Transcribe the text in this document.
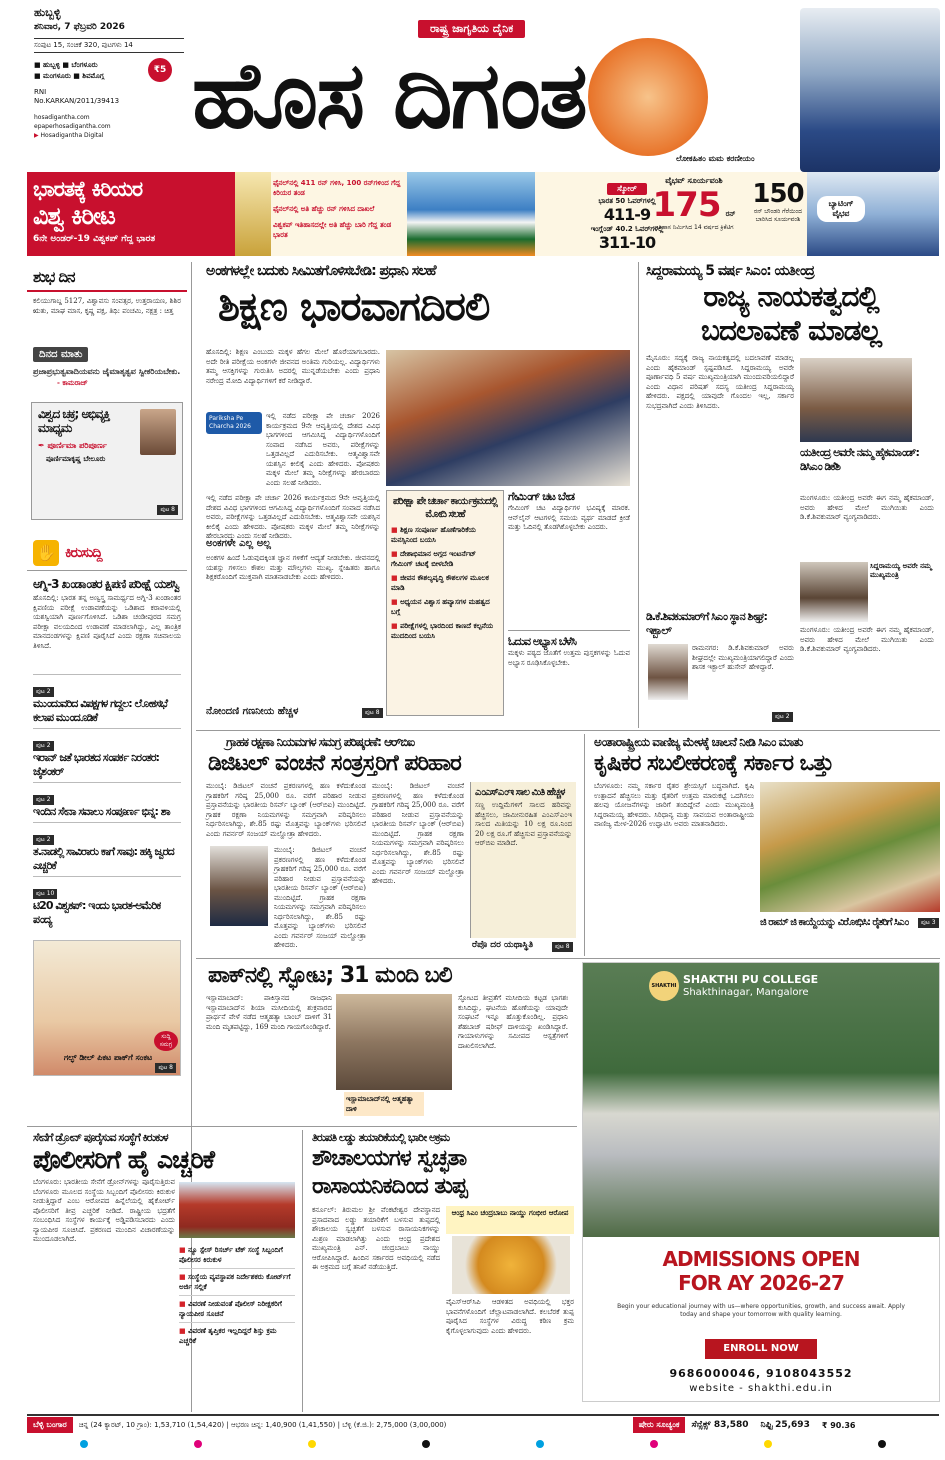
ಹುಬ್ಬಳ್ಳಿ
ಶನಿವಾರ, 7 ಫೆಬ್ರವರಿ 2026
ಸಂಪುಟ 15, ಸಂಚಿಕೆ 320, ಪುಟಗಳು 14
■ ಹುಬ್ಬಳ್ಳಿ ■ ಬೆಂಗಳೂರು
■ ಮಂಗಳೂರು ■ ಶಿವಮೊಗ್ಗ
₹5
RNI No.KARKAN/2011/39413
hosadigantha.com
epaperhosadigantha.com
▶ Hosadigantha Digital
ರಾಷ್ಟ್ರ ಜಾಗೃತಿಯ ದೈನಿಕ
ಹೊಸ ದಿಗಂತ
ಲೋಕಹಿತಂ ಮಮ ಕರಣೀಯಂ
ಭಾರತಕ್ಕೆ ಕಿರಿಯರ
ವಿಶ್ವ ಕಿರೀಟ
6ನೇ ಅಂಡರ್-19 ವಿಶ್ವಕಪ್ ಗೆದ್ದ ಭಾರತ
ಫೈನಲ್‌ನಲ್ಲಿ 411 ರನ್ ಗಳಿಸಿ, 100 ರನ್‌ಗಳಿಂದ ಗೆದ್ದ ಕಿರಿಯರ ತಂಡ
ಫೈನಲ್‌ನಲ್ಲಿ ಅತಿ ಹೆಚ್ಚು ರನ್ ಗಳಿಸಿದ ದಾಖಲೆ
ವಿಶ್ವಕಪ್ ಇತಿಹಾಸದಲ್ಲೇ ಅತಿ ಹೆಚ್ಚು ಬಾರಿ ಗೆದ್ದ ತಂಡ ಭಾರತ
ಸ್ಕೋರ್
ಭಾರತ 50 ಓವರ್‌ಗಳಲ್ಲಿ
411-9
ಇಂಗ್ಲೆಂಡ್ 40.2 ಓವರ್‌ಗಳಲ್ಲಿ
311-10
ವೈಭವ್ ಸೂರ್ಯವಂಶಿ
175 ರನ್
ಇತಿಹಾಸ ನಿರ್ಮಿಸಿದ 14 ವರ್ಷದ ಕ್ರಿಕೆಟಿಗ
150
ರನ್ ಬೌಂಡರಿ ಗೆರೆಯಿಂದ ಬಾರಿಸಿದ ಸೂರ್ಯವಂಶಿ
ಬ್ಯಾಟಿಂಗ್ ವೈಭವ
ಶುಭ ದಿನ
ಕಲಿಯುಗಾಬ್ದ 5127, ವಿಶ್ವಾವಸು ಸಂವತ್ಸರ, ಉತ್ತರಾಯಣ, ಶಿಶಿರ ಋತು, ಮಾಘ ಮಾಸ, ಕೃಷ್ಣ ಪಕ್ಷ, ತಿಥಿ: ಪಂಚಮಿ, ನಕ್ಷತ್ರ : ಚಿತ್ತ
ದಿನದ ಮಾತು
ಪ್ರಜಾಪ್ರಭುತ್ವವಾದಿಯವನು ಜೈಮಾತೃತ್ವವ ಸ್ವೀಕರಿಯಬೇಕು.
- ಕಾಮರಾಜ್
ವಿಶ್ವದ ಚಕ್ರ; ಅಭಿವ್ಯಕ್ತಿ ಮಾಧ್ಯಮ
✒ ಪೂರ್ಣಿಮಾ ಪರಿಪೂರ್ಣ
ಪೂರ್ಣಿಮಾಕೃಷ್ಣ ಬೇಲೂರು
ಪುಟ 8
✋ ಕಿರುಸುದ್ದಿ
ಅಗ್ನಿ-3 ಖಂಡಾಂತರ ಕ್ಷಿಪಣಿ ಪರೀಕ್ಷೆ ಯಶಸ್ವಿ
ಹೊಸದಿಲ್ಲಿ: ಭಾರತ ತನ್ನ ಅಣ್ವಸ್ತ್ರ ಸಾಮರ್ಥ್ಯದ ಅಗ್ನಿ-3 ಖಂಡಾಂತರ ಕ್ಷಿಪಣಿಯ ಪರೀಕ್ಷೆ ಉಡಾವಣೆಯನ್ನು ಒಡಿಶಾದ ಕರಾವಳಿಯಲ್ಲಿ ಯಶಸ್ವಿಯಾಗಿ ಪೂರ್ಣಗೊಳಿಸಿದೆ. ಒಡಿಶಾ ಚಂಡೀಪುರದ ಸಮಗ್ರ ಪರೀಕ್ಷಾ ವಲಯದಿಂದ ಉಡಾವಣೆ ಮಾಡಲಾಗಿದ್ದು, ಎಲ್ಲ ತಾಂತ್ರಿಕ ಮಾನದಂಡಗಳನ್ನು ಕ್ಷಿಪಣಿ ಪೂರೈಸಿದೆ ಎಂದು ರಕ್ಷಣಾ ಸಚಿವಾಲಯ ತಿಳಿಸಿದೆ.
ಪುಟ 2
ಮುಂದುವರಿದ ವಿಪಕ್ಷಗಳ ಗದ್ದಲ: ಲೋಕಸಭೆ ಕಲಾಪ ಮುಂದೂಡಿಕೆ
ಪುಟ 2
ಇರಾನ್ ಜತೆ ಭಾರತದ ಸಂಪರ್ಕ ನಿರಂತರ: ಜೈಶಂಕರ್
ಪುಟ 2
ಇಂದಿನ ಸೇನಾ ಸವಾಲು ಸಂಪೂರ್ಣ ಭಿನ್ನ: ಶಾ
ಪುಟ 2
ತ.ನಾಡಲ್ಲಿ ಸಾವಿರಾರು ಕಾಗೆ ಸಾವು: ಹಕ್ಕಿ ಜ್ವರದ ಎಚ್ಚರಿಕೆ
ಪುಟ 10
ಟಿ20 ವಿಶ್ವಕಪ್: ಇಂದು ಭಾರತ-ಅಮೆರಿಕ ಪಂದ್ಯ
ಗಲ್ಫ್ ಡೀಲ್ ಪಿಕಟ ಪಾಕ್‌ಗೆ ಸಂಕಟ
ಸುದ್ದಿ ಸಮಗ್ರ
ಪುಟ 8
ಅಂಕಗಳಲ್ಲೇ ಬದುಕು ಸೀಮಿತಗೊಳಿಸಬೇಡಿ: ಪ್ರಧಾನಿ ಸಲಹೆ
ಶಿಕ್ಷಣ ಭಾರವಾಗದಿರಲಿ
ಹೊಸದಿಲ್ಲಿ: ಶಿಕ್ಷಣ ಎಂಬುದು ಮಕ್ಕಳ ಹೆಗಲ ಮೇಲೆ ಹೊರೆಯಾಗಬಾರದು. ಅದೇ ರೀತಿ ಪರೀಕ್ಷೆಯ ಅಂಕಗಳೇ ಜೀವನದ ಅಂತಿಮ ಗುರಿಯಲ್ಲ. ವಿದ್ಯಾರ್ಥಿಗಳು ತಮ್ಮ ಆಸಕ್ತಿಗಳನ್ನು ಗುರುತಿಸಿ ಅದರಲ್ಲಿ ಮುನ್ನಡೆಯಬೇಕು ಎಂದು ಪ್ರಧಾನಿ ನರೇಂದ್ರ ಮೋದಿ ವಿದ್ಯಾರ್ಥಿಗಳಿಗೆ ಕರೆ ನೀಡಿದ್ದಾರೆ.
Pariksha Pe Charcha 2026
ಇಲ್ಲಿ ನಡೆದ ಪರೀಕ್ಷಾ ಪೇ ಚರ್ಚಾ 2026 ಕಾರ್ಯಕ್ರಮದ 9ನೇ ಆವೃತ್ತಿಯಲ್ಲಿ ದೇಶದ ವಿವಿಧ ಭಾಗಗಳಿಂದ ಆಗಮಿಸಿದ್ದ ವಿದ್ಯಾರ್ಥಿಗಳೊಂದಿಗೆ ಸಂವಾದ ನಡೆಸಿದ ಅವರು, ಪರೀಕ್ಷೆಗಳನ್ನು ಒತ್ತಡವಿಲ್ಲದೆ ಎದುರಿಸಬೇಕು. ಆತ್ಮವಿಶ್ವಾಸವೇ ಯಶಸ್ಸಿನ ಕೀಲಿಕೈ ಎಂದು ಹೇಳಿದರು. ಪೋಷಕರು ಮಕ್ಕಳ ಮೇಲೆ ತಮ್ಮ ನಿರೀಕ್ಷೆಗಳನ್ನು ಹೇರಬಾರದು ಎಂದು ಸಲಹೆ ನೀಡಿದರು.
ಇಲ್ಲಿ ನಡೆದ ಪರೀಕ್ಷಾ ಪೇ ಚರ್ಚಾ 2026 ಕಾರ್ಯಕ್ರಮದ 9ನೇ ಆವೃತ್ತಿಯಲ್ಲಿ ದೇಶದ ವಿವಿಧ ಭಾಗಗಳಿಂದ ಆಗಮಿಸಿದ್ದ ವಿದ್ಯಾರ್ಥಿಗಳೊಂದಿಗೆ ಸಂವಾದ ನಡೆಸಿದ ಅವರು, ಪರೀಕ್ಷೆಗಳನ್ನು ಒತ್ತಡವಿಲ್ಲದೆ ಎದುರಿಸಬೇಕು. ಆತ್ಮವಿಶ್ವಾಸವೇ ಯಶಸ್ಸಿನ ಕೀಲಿಕೈ ಎಂದು ಹೇಳಿದರು. ಪೋಷಕರು ಮಕ್ಕಳ ಮೇಲೆ ತಮ್ಮ ನಿರೀಕ್ಷೆಗಳನ್ನು ಹೇರಬಾರದು ಎಂದು ಸಲಹೆ ನೀಡಿದರು.
ಅಂಕಗಳೇ ಎಲ್ಲ ಅಲ್ಲ
ಅಂಕಗಳ ಹಿಂದೆ ಓಡುವುದಕ್ಕಿಂತ ಜ್ಞಾನ ಗಳಿಕೆಗೆ ಆದ್ಯತೆ ನೀಡಬೇಕು. ಜೀವನದಲ್ಲಿ ಯಶಸ್ಸು ಗಳಿಸಲು ಕೌಶಲ ಮತ್ತು ಮೌಲ್ಯಗಳು ಮುಖ್ಯ. ಸ್ನೇಹಿತರು ಹಾಗೂ ಶಿಕ್ಷಕರೊಂದಿಗೆ ಮುಕ್ತವಾಗಿ ಮಾತನಾಡಬೇಕು ಎಂದು ಹೇಳಿದರು.
ಪರೀಕ್ಷಾ ಪೇ ಚರ್ಚಾ ಕಾರ್ಯಕ್ರಮದಲ್ಲಿ ಮೋದಿ ಸಲಹೆ
■ ಶಿಕ್ಷಣ ಸಂಪೂರ್ಣ ಹೊಣೆಗಾರಿಕೆಯ ಮನಸ್ಸಿನಿಂದ ಬಯಸಿ
■ ದೇಶಾಭಿಮಾನ ಅಗ್ಗದ ಇಂಟರ್ನೆಟ್ ಗೇಮಿಂಗ್ ಚಟಕ್ಕೆ ಬೀಳಬೇಡಿ
■ ಜೀವನ ಕೌಶಲ್ಯವೃದ್ಧಿ ಕೌಶಲಗಳ ಮೂಲಕ ಮಾಡಿ
■ ಅಧ್ಯಯನ ವಿಶ್ವಾಸ ಹವ್ಯಾಸಗಳ ಮಹತ್ವದ ಬಗ್ಗೆ
■ ಪರೀಕ್ಷೆಗಳಲ್ಲಿ ಭಾರದಿಂದ ಕಾಣದೆ ಕಲ್ಪನೆಯ ಮುದದಿಂದ ಬಯಸಿ
ಗೇಮಿಂಗ್ ಚಟ ಬೇಡ
ಗೇಮಿಂಗ್ ಚಟ ವಿದ್ಯಾರ್ಥಿಗಳ ಭವಿಷ್ಯಕ್ಕೆ ಮಾರಕ. ಆನ್‌ಲೈನ್ ಆಟಗಳಲ್ಲಿ ಸಮಯ ವ್ಯರ್ಥ ಮಾಡದೆ ಕ್ರೀಡೆ ಮತ್ತು ಓದಿನಲ್ಲಿ ತೊಡಗಿಕೊಳ್ಳಬೇಕು ಎಂದರು.
ಓದುವ ಅಭ್ಯಾಸ ಬೆಳೆಸಿ
ಮಕ್ಕಳು ಪಠ್ಯದ ಜೊತೆಗೆ ಉತ್ತಮ ಪುಸ್ತಕಗಳನ್ನು ಓದುವ ಅಭ್ಯಾಸ ರೂಢಿಸಿಕೊಳ್ಳಬೇಕು.
ನೋಂದಣಿ ಗಣನೀಯ ಹೆಚ್ಚಳ	ಪುಟ 8
ಸಿದ್ದರಾಮಯ್ಯ 5 ವರ್ಷ ಸಿಎಂ: ಯತೀಂದ್ರ
ರಾಜ್ಯ ನಾಯಕತ್ವದಲ್ಲಿ
ಬದಲಾವಣೆ ಮಾಡಲ್ಲ
ಮೈಸೂರು: ಸದ್ಯಕ್ಕೆ ರಾಜ್ಯ ನಾಯಕತ್ವದಲ್ಲಿ ಬದಲಾವಣೆ ಮಾಡಲ್ಲ ಎಂದು ಹೈಕಮಾಂಡ್ ಸ್ಪಷ್ಟಪಡಿಸಿದೆ. ಸಿದ್ದರಾಮಯ್ಯ ಅವರೇ ಪೂರ್ಣಾವಧಿ 5 ವರ್ಷ ಮುಖ್ಯಮಂತ್ರಿಯಾಗಿ ಮುಂದುವರಿಯಲಿದ್ದಾರೆ ಎಂದು ವಿಧಾನ ಪರಿಷತ್ ಸದಸ್ಯ ಯತೀಂದ್ರ ಸಿದ್ದರಾಮಯ್ಯ ಹೇಳಿದರು. ಪಕ್ಷದಲ್ಲಿ ಯಾವುದೇ ಗೊಂದಲ ಇಲ್ಲ, ಸರ್ಕಾರ ಸುಭದ್ರವಾಗಿದೆ ಎಂದು ತಿಳಿಸಿದರು.
ಯತೀಂದ್ರ ಅವರೇ ನಮ್ಮ ಹೈಕಮಾಂಡ್: ಡಿಸಿಎಂ ಡಿಕೆಶಿ
ಮಂಗಳೂರು: ಯತೀಂದ್ರ ಅವರೇ ಈಗ ನಮ್ಮ ಹೈಕಮಾಂಡ್, ಅವರು ಹೇಳಿದ ಮೇಲೆ ಮುಗಿಯಿತು ಎಂದು ಡಿ.ಕೆ.ಶಿವಕುಮಾರ್ ವ್ಯಂಗ್ಯವಾಡಿದರು.
ಸಿದ್ದರಾಮಯ್ಯ ಅವರೇ ನಮ್ಮ ಮುಖ್ಯಮಂತ್ರಿ
ಡಿ.ಕೆ.ಶಿವಕುಮಾರ್‌ಗೆ ಸಿಎಂ ಸ್ಥಾನ ಶೀಘ್ರ: ಇಕ್ಬಾಲ್
ರಾಮನಗರ: ಡಿ.ಕೆ.ಶಿವಕುಮಾರ್ ಅವರು ಶೀಘ್ರದಲ್ಲೇ ಮುಖ್ಯಮಂತ್ರಿಯಾಗಲಿದ್ದಾರೆ ಎಂದು ಶಾಸಕ ಇಕ್ಬಾಲ್ ಹುಸೇನ್ ಹೇಳಿದ್ದಾರೆ.
ಮಂಗಳೂರು: ಯತೀಂದ್ರ ಅವರೇ ಈಗ ನಮ್ಮ ಹೈಕಮಾಂಡ್, ಅವರು ಹೇಳಿದ ಮೇಲೆ ಮುಗಿಯಿತು ಎಂದು ಡಿ.ಕೆ.ಶಿವಕುಮಾರ್ ವ್ಯಂಗ್ಯವಾಡಿದರು.
ಪುಟ 2
ಗ್ರಾಹಕ ರಕ್ಷಣಾ ನಿಯಮಗಳ ಸಮಗ್ರ ಪರಿಷ್ಕರಣೆ: ಆರ್‌ಬಿಐ
ಡಿಜಿಟಲ್ ವಂಚನೆ ಸಂತ್ರಸ್ತರಿಗೆ ಪರಿಹಾರ
ಮುಂಬೈ: ಡಿಜಿಟಲ್ ವಂಚನೆ ಪ್ರಕರಣಗಳಲ್ಲಿ ಹಣ ಕಳೆದುಕೊಂಡ ಗ್ರಾಹಕರಿಗೆ ಗರಿಷ್ಠ 25,000 ರೂ. ವರೆಗೆ ಪರಿಹಾರ ನೀಡುವ ಪ್ರಸ್ತಾವನೆಯನ್ನು ಭಾರತೀಯ ರಿಸರ್ವ್ ಬ್ಯಾಂಕ್ (ಆರ್‌ಬಿಐ) ಮುಂದಿಟ್ಟಿದೆ. ಗ್ರಾಹಕ ರಕ್ಷಣಾ ನಿಯಮಗಳನ್ನು ಸಮಗ್ರವಾಗಿ ಪರಿಷ್ಕರಿಸಲು ನಿರ್ಧರಿಸಲಾಗಿದ್ದು, ಶೇ.85 ರಷ್ಟು ಮೊತ್ತವನ್ನು ಬ್ಯಾಂಕ್‌ಗಳು ಭರಿಸಲಿವೆ ಎಂದು ಗವರ್ನರ್ ಸಂಜಯ್ ಮಲ್ಹೋತ್ರಾ ಹೇಳಿದರು.
ಮುಂಬೈ: ಡಿಜಿಟಲ್ ವಂಚನೆ ಪ್ರಕರಣಗಳಲ್ಲಿ ಹಣ ಕಳೆದುಕೊಂಡ ಗ್ರಾಹಕರಿಗೆ ಗರಿಷ್ಠ 25,000 ರೂ. ವರೆಗೆ ಪರಿಹಾರ ನೀಡುವ ಪ್ರಸ್ತಾವನೆಯನ್ನು ಭಾರತೀಯ ರಿಸರ್ವ್ ಬ್ಯಾಂಕ್ (ಆರ್‌ಬಿಐ) ಮುಂದಿಟ್ಟಿದೆ. ಗ್ರಾಹಕ ರಕ್ಷಣಾ ನಿಯಮಗಳನ್ನು ಸಮಗ್ರವಾಗಿ ಪರಿಷ್ಕರಿಸಲು ನಿರ್ಧರಿಸಲಾಗಿದ್ದು, ಶೇ.85 ರಷ್ಟು ಮೊತ್ತವನ್ನು ಬ್ಯಾಂಕ್‌ಗಳು ಭರಿಸಲಿವೆ ಎಂದು ಗವರ್ನರ್ ಸಂಜಯ್ ಮಲ್ಹೋತ್ರಾ ಹೇಳಿದರು.
ಮುಂಬೈ: ಡಿಜಿಟಲ್ ವಂಚನೆ ಪ್ರಕರಣಗಳಲ್ಲಿ ಹಣ ಕಳೆದುಕೊಂಡ ಗ್ರಾಹಕರಿಗೆ ಗರಿಷ್ಠ 25,000 ರೂ. ವರೆಗೆ ಪರಿಹಾರ ನೀಡುವ ಪ್ರಸ್ತಾವನೆಯನ್ನು ಭಾರತೀಯ ರಿಸರ್ವ್ ಬ್ಯಾಂಕ್ (ಆರ್‌ಬಿಐ) ಮುಂದಿಟ್ಟಿದೆ. ಗ್ರಾಹಕ ರಕ್ಷಣಾ ನಿಯಮಗಳನ್ನು ಸಮಗ್ರವಾಗಿ ಪರಿಷ್ಕರಿಸಲು ನಿರ್ಧರಿಸಲಾಗಿದ್ದು, ಶೇ.85 ರಷ್ಟು ಮೊತ್ತವನ್ನು ಬ್ಯಾಂಕ್‌ಗಳು ಭರಿಸಲಿವೆ ಎಂದು ಗವರ್ನರ್ ಸಂಜಯ್ ಮಲ್ಹೋತ್ರಾ ಹೇಳಿದರು.
ಎಂಎಸ್‌ಎಂಇ ಸಾಲ ಮಿತಿ ಹೆಚ್ಚಳ
ಸಣ್ಣ ಉದ್ದಿಮೆಗಳಿಗೆ ಸಾಲದ ಹರಿವನ್ನು ಹೆಚ್ಚಿಸಲು, ಜಾಮೀನುರಹಿತ ಎಂಎಸ್‌ಎಂಇ ಸಾಲದ ಮಿತಿಯನ್ನು 10 ಲಕ್ಷ ರೂ.ನಿಂದ 20 ಲಕ್ಷ ರೂ.ಗೆ ಹೆಚ್ಚಿಸುವ ಪ್ರಸ್ತಾವನೆಯನ್ನು ಆರ್‌ಬಿಐ ಮಾಡಿದೆ.
ರೆಪೊ ದರ ಯಥಾಸ್ಥಿತಿ	ಪುಟ 8
ಅಂತಾರಾಷ್ಟ್ರೀಯ ವಾಣಿಜ್ಯ ಮೇಳಕ್ಕೆ ಚಾಲನೆ ನೀಡಿ ಸಿಎಂ ಮಾತು
ಕೃಷಿಕರ ಸಬಲೀಕರಣಕ್ಕೆ ಸರ್ಕಾರ ಒತ್ತು
ಬೆಂಗಳೂರು: ನಮ್ಮ ಸರ್ಕಾರ ರೈತರ ಶ್ರೇಯಸ್ಸಿಗೆ ಬದ್ಧವಾಗಿದೆ. ಕೃಷಿ ಉತ್ಪಾದನೆ ಹೆಚ್ಚಿಸಲು ಮತ್ತು ರೈತರಿಗೆ ಉತ್ತಮ ಮಾರುಕಟ್ಟೆ ಒದಗಿಸಲು ಹಲವು ಯೋಜನೆಗಳನ್ನು ಜಾರಿಗೆ ತಂದಿದ್ದೇವೆ ಎಂದು ಮುಖ್ಯಮಂತ್ರಿ ಸಿದ್ದರಾಮಯ್ಯ ಹೇಳಿದರು. ಸಿರಿಧಾನ್ಯ ಮತ್ತು ಸಾವಯವ ಅಂತಾರಾಷ್ಟ್ರೀಯ ವಾಣಿಜ್ಯ ಮೇಳ-2026 ಉದ್ಘಾಟಿಸಿ ಅವರು ಮಾತನಾಡಿದರು.
ಜಿ ರಾಮ್ ಜಿ ಕಾಯ್ದೆಯನ್ನು ವಿರೋಧಿಸಿ: ರೈತರಿಗೆ ಸಿಎಂ	ಪುಟ 3
ಪಾಕ್‌ನಲ್ಲಿ ಸ್ಫೋಟ; 31 ಮಂದಿ ಬಲಿ
ಇಸ್ಲಾಮಾಬಾದ್: ಪಾಕಿಸ್ತಾನದ ರಾಜಧಾನಿ ಇಸ್ಲಾಮಾಬಾದ್‌ನ ಶಿಯಾ ಮಸೀದಿಯಲ್ಲಿ ಶುಕ್ರವಾರದ ಪ್ರಾರ್ಥನೆ ವೇಳೆ ನಡೆದ ಆತ್ಮಹತ್ಯಾ ಬಾಂಬ್ ದಾಳಿಗೆ 31 ಮಂದಿ ಮೃತಪಟ್ಟಿದ್ದು, 169 ಮಂದಿ ಗಾಯಗೊಂಡಿದ್ದಾರೆ.
ಇಸ್ಲಾಮಾಬಾದ್‌ನಲ್ಲಿ ಆತ್ಮಹತ್ಯಾ ದಾಳಿ
ಸ್ಫೋಟದ ತೀವ್ರತೆಗೆ ಮಸೀದಿಯ ಕಟ್ಟಡ ಭಾಗಶಃ ಕುಸಿದಿದ್ದು, ಘಟನೆಯ ಹೊಣೆಯನ್ನು ಯಾವುದೇ ಸಂಘಟನೆ ಇನ್ನೂ ಹೊತ್ತುಕೊಂಡಿಲ್ಲ. ಪ್ರಧಾನಿ ಶೆಹಬಾಜ್ ಷರೀಫ್ ದಾಳಿಯನ್ನು ಖಂಡಿಸಿದ್ದಾರೆ. ಗಾಯಾಳುಗಳನ್ನು ಸಮೀಪದ ಆಸ್ಪತ್ರೆಗಳಿಗೆ ದಾಖಲಿಸಲಾಗಿದೆ.
SHAKTHI SHAKTHI PU COLLEGE
Shakthinagar, Mangalore
ADMISSIONS OPEN
FOR AY 2026-27
Begin your educational journey with us—where opportunities, growth, and success await. Apply today and shape your tomorrow with quality learning.
ENROLL NOW
9686000046, 9108043552
website - shakthi.edu.in
ಸೇನೆಗೆ ಡ್ರೋನ್ ಪೂರೈಸುವ ಸಂಸ್ಥೆಗೆ ಕಿರುಕುಳ
ಪೊಲೀಸರಿಗೆ ಹೈ ಎಚ್ಚರಿಕೆ
ಬೆಂಗಳೂರು: ಭಾರತೀಯ ಸೇನೆಗೆ ಡ್ರೋನ್‌ಗಳನ್ನು ಪೂರೈಸುತ್ತಿರುವ ಬೆಂಗಳೂರು ಮೂಲದ ಸಂಸ್ಥೆಯ ಸಿಬ್ಬಂದಿಗೆ ಪೊಲೀಸರು ಕಿರುಕುಳ ನೀಡುತ್ತಿದ್ದಾರೆ ಎಂಬ ಆರೋಪದ ಹಿನ್ನೆಲೆಯಲ್ಲಿ ಹೈಕೋರ್ಟ್ ಪೊಲೀಸರಿಗೆ ತೀವ್ರ ಎಚ್ಚರಿಕೆ ನೀಡಿದೆ. ರಾಷ್ಟ್ರೀಯ ಭದ್ರತೆಗೆ ಸಂಬಂಧಿಸಿದ ಸಂಸ್ಥೆಗಳ ಕಾರ್ಯಕ್ಕೆ ಅಡ್ಡಿಪಡಿಸಬಾರದು ಎಂದು ನ್ಯಾಯಪೀಠ ಸೂಚಿಸಿದೆ. ಪ್ರಕರಣದ ಮುಂದಿನ ವಿಚಾರಣೆಯನ್ನು ಮುಂದೂಡಲಾಗಿದೆ.
■ ನ್ಯೂ ಸ್ಪೇಸ್ ರಿಸರ್ಚ್ ಟೆಕ್ ಸಂಸ್ಥೆ ಸಿಬ್ಬಂದಿಗೆ ಪೊಲೀಸರ ಕಿರುಕುಳ
■ ಸಂಸ್ಥೆಯ ವ್ಯವಸ್ಥಾಪಕ ನಿರ್ದೇಶಕರು ಕೋರ್ಟ್‌ಗೆ ಅರ್ಜಿ ಸಲ್ಲಿಕೆ
■ ವಿವರಣೆ ನೀಡುವಂತೆ ಪೊಲೀಸ್ ನಿರೀಕ್ಷಕರಿಗೆ ನ್ಯಾಯಪೀಠ ಸೂಚನೆ
■ ವಿವರಣೆ ತೃಪ್ತಿಕರ ಇಲ್ಲದಿದ್ದರೆ ಶಿಸ್ತು ಕ್ರಮ ಎಚ್ಚರಿಕೆ
ತಿರುಪತಿ ಲಡ್ಡು ತಯಾರಿಕೆಯಲ್ಲಿ ಭಾರೀ ಅಕ್ರಮ
ಶೌಚಾಲಯಗಳ ಸ್ವಚ್ಛತಾ
ರಾಸಾಯನಿಕದಿಂದ ತುಪ್ಪ
ಕರ್ನೂಲ್: ತಿರುಮಲ ಶ್ರೀ ವೆಂಕಟೇಶ್ವರ ದೇವಸ್ಥಾನದ ಪ್ರಸಾದವಾದ ಲಡ್ಡು ತಯಾರಿಕೆಗೆ ಬಳಸುವ ತುಪ್ಪದಲ್ಲಿ ಶೌಚಾಲಯ ಸ್ವಚ್ಛತೆಗೆ ಬಳಸುವ ರಾಸಾಯನಿಕಗಳನ್ನು ಮಿಶ್ರಣ ಮಾಡಲಾಗಿತ್ತು ಎಂದು ಆಂಧ್ರ ಪ್ರದೇಶದ ಮುಖ್ಯಮಂತ್ರಿ ಎನ್. ಚಂದ್ರಬಾಬು ನಾಯ್ಡು ಆರೋಪಿಸಿದ್ದಾರೆ. ಹಿಂದಿನ ಸರ್ಕಾರದ ಅವಧಿಯಲ್ಲಿ ನಡೆದ ಈ ಅಕ್ರಮದ ಬಗ್ಗೆ ತನಿಖೆ ನಡೆಯುತ್ತಿದೆ.
ಆಂಧ್ರ ಸಿಎಂ ಚಂದ್ರಬಾಬು ನಾಯ್ಡು ಗಂಭೀರ ಆರೋಪ
ವೈಎಸ್‌ಆರ್‌ಸಿಪಿ ಆಡಳಿತದ ಅವಧಿಯಲ್ಲಿ ಭಕ್ತರ ಭಾವನೆಗಳೊಂದಿಗೆ ಚೆಲ್ಲಾಟವಾಡಲಾಗಿದೆ. ಕಲಬೆರಕೆ ತುಪ್ಪ ಪೂರೈಸಿದ ಸಂಸ್ಥೆಗಳ ವಿರುದ್ಧ ಕಠಿಣ ಕ್ರಮ ಕೈಗೊಳ್ಳಲಾಗುವುದು ಎಂದು ಹೇಳಿದರು.
ಬೆಳ್ಳಿ ಬಂಗಾರ	ಚಿನ್ನ (24 ಕ್ಯಾರಟ್, 10 ಗ್ರಾಂ): 1,53,710 (1,54,420) | ಆಭರಣ ಚಿನ್ನ: 1,40,900 (1,41,550) | ಬೆಳ್ಳಿ (ಕೆ.ಜಿ.): 2,75,000 (3,00,000)	ಷೇರು ಸೂಚ್ಯಂಕ	ಸೆನ್ಸೆಕ್ಸ್ 83,580	ನಿಫ್ಟಿ 25,693	₹ 90.36
